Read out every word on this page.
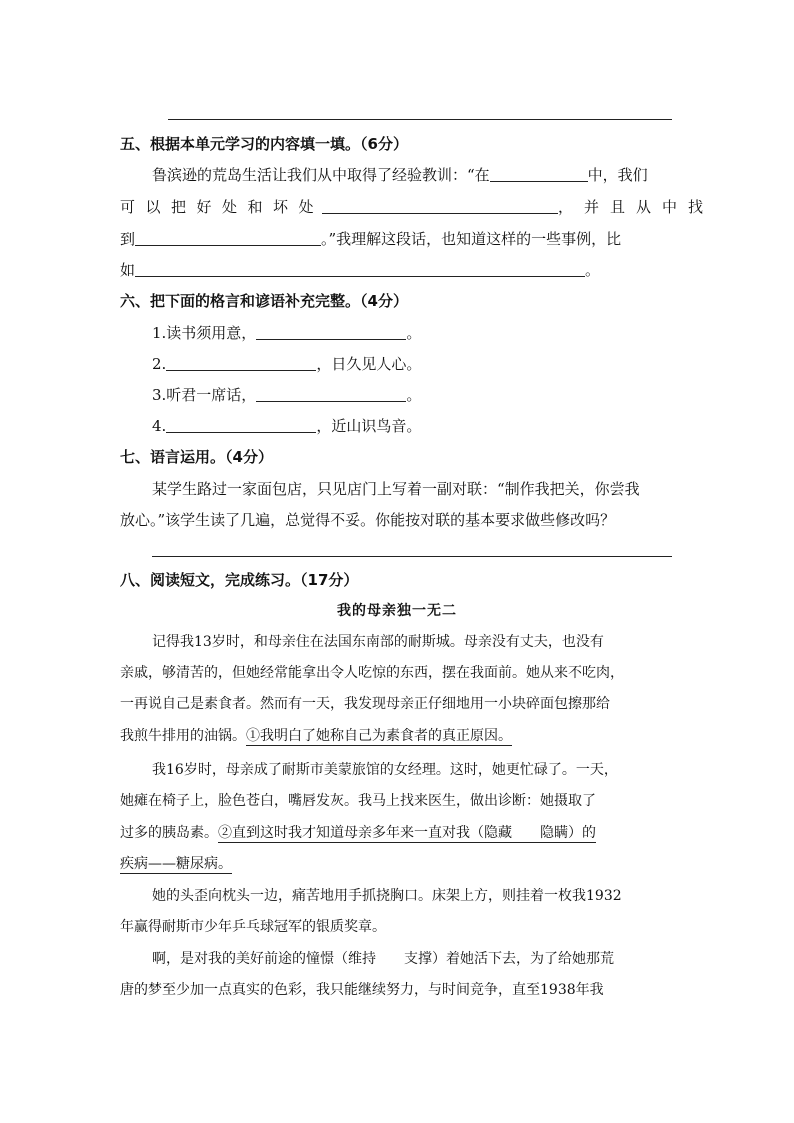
五、根据本单元学习的内容填一填。（6分）
鲁滨逊的荒岛生活让我们从中取得了经验教训：“在	中，我们
可以把好处和坏处	，并且从中找
到	。”我理解这段话，也知道这样的一些事例，比
如	。
六、把下面的格言和谚语补充完整。（4分）
1.读书须用意，	。
2.	，日久见人心。
3.听君一席话，	。
4.	，近山识鸟音。
七、语言运用。（4分）
某学生路过一家面包店，只见店门上写着一副对联：“制作我把关，你尝我
放心。”该学生读了几遍，总觉得不妥。你能按对联的基本要求做些修改吗？
八、阅读短文，完成练习。（17分）
我的母亲独一无二
记得我13岁时，和母亲住在法国东南部的耐斯城。母亲没有丈夫，也没有
亲戚，够清苦的，但她经常能拿出令人吃惊的东西，摆在我面前。她从来不吃肉，
一再说自己是素食者。然而有一天，我发现母亲正仔细地用一小块碎面包擦那给
我煎牛排用的油锅。①我明白了她称自己为素食者的真正原因。
我16岁时，母亲成了耐斯市美蒙旅馆的女经理。这时，她更忙碌了。一天，
她瘫在椅子上，脸色苍白，嘴唇发灰。我马上找来医生，做出诊断：她摄取了
过多的胰岛素。②直到这时我才知道母亲多年来一直对我（隐藏　　隐瞒）的
疾病——糖尿病。
她的头歪向枕头一边，痛苦地用手抓挠胸口。床架上方，则挂着一枚我1932
年赢得耐斯市少年乒乓球冠军的银质奖章。
啊，是对我的美好前途的憧憬（维持　　支撑）着她活下去，为了给她那荒
唐的梦至少加一点真实的色彩，我只能继续努力，与时间竞争，直至1938年我
